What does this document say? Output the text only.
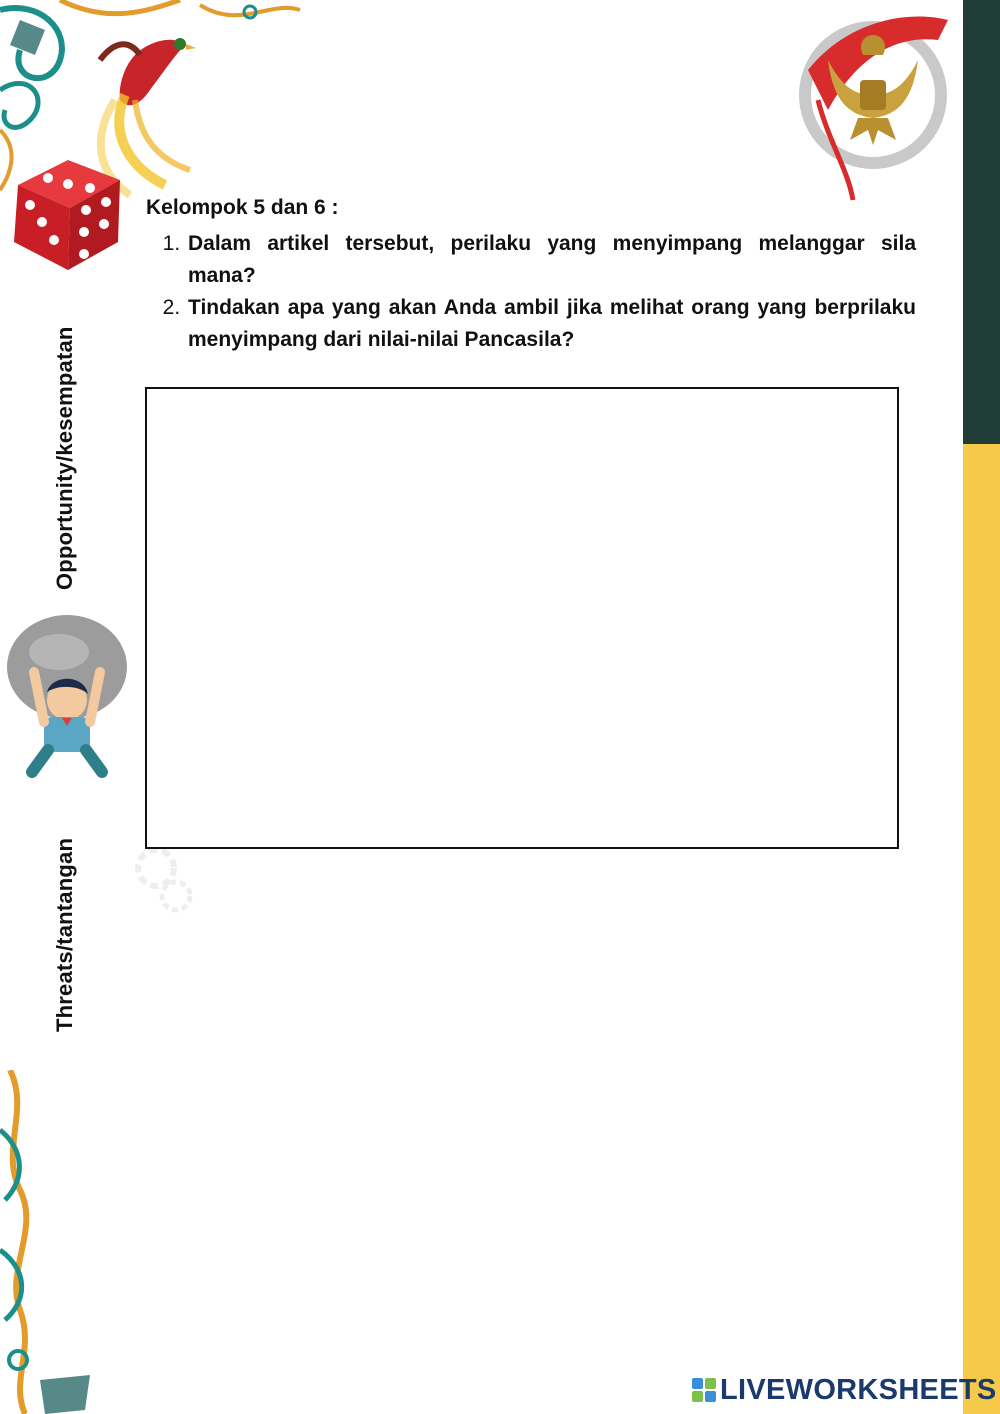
Opportunity/kesempatan
Threats/tantangan

Kelompok 5 dan 6 :

1. Dalam artikel tersebut, perilaku yang menyimpang melanggar sila mana?
2. Tindakan apa yang akan Anda ambil jika melihat orang yang berprilaku menyimpang dari nilai-nilai Pancasila?
LIVEWORKSHEETS
